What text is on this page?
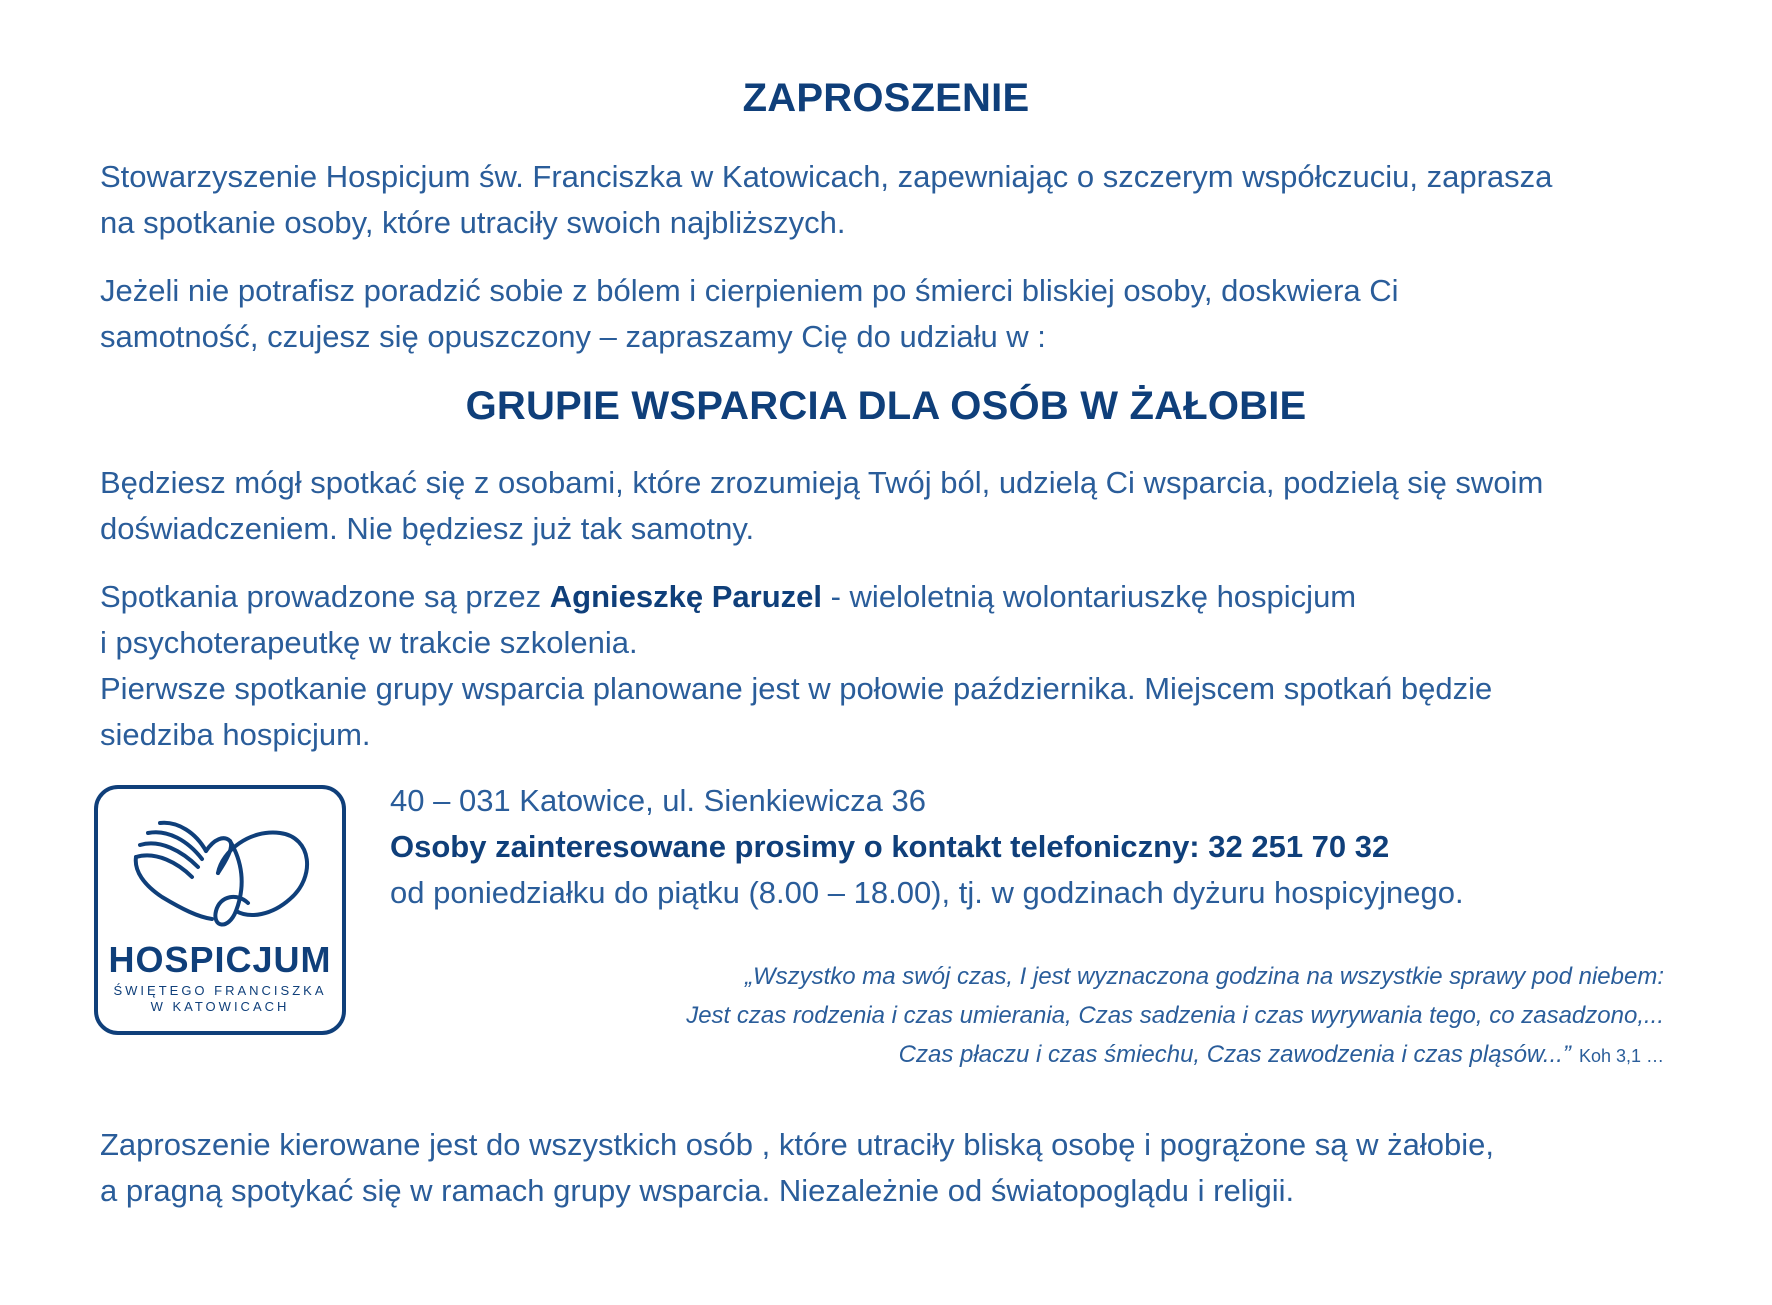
ZAPROSZENIE
Stowarzyszenie Hospicjum św. Franciszka w Katowicach, zapewniając o szczerym współczuciu, zaprasza
na spotkanie osoby, które utraciły swoich najbliższych.
Jeżeli nie potrafisz poradzić sobie z bólem i cierpieniem po śmierci bliskiej osoby, doskwiera Ci
samotność, czujesz się opuszczony – zapraszamy Cię do udziału w :
GRUPIE WSPARCIA DLA OSÓB W ŻAŁOBIE
Będziesz mógł spotkać się z osobami, które zrozumieją Twój ból, udzielą Ci wsparcia, podzielą się swoim
doświadczeniem. Nie będziesz już tak samotny.
Spotkania prowadzone są przez Agnieszkę Paruzel - wieloletnią wolontariuszkę hospicjum
i psychoterapeutkę w trakcie szkolenia.
Pierwsze spotkanie grupy wsparcia planowane jest w połowie października. Miejscem spotkań będzie
siedziba hospicjum.
HOSPICJUM
ŚWIĘTEGO FRANCISZKA
W KATOWICACH
40 – 031 Katowice, ul. Sienkiewicza 36
Osoby zainteresowane prosimy o kontakt telefoniczny: 32 251 70 32
od poniedziałku do piątku (8.00 – 18.00), tj. w godzinach dyżuru hospicyjnego.
„Wszystko ma swój czas, I jest wyznaczona godzina na wszystkie sprawy pod niebem:
Jest czas rodzenia i czas umierania, Czas sadzenia i czas wyrywania tego, co zasadzono,...
Czas płaczu i czas śmiechu, Czas zawodzenia i czas pląsów...” Koh 3,1 …
Zaproszenie kierowane jest do wszystkich osób , które utraciły bliską osobę i pogrążone są w żałobie,
a pragną spotykać się w ramach grupy wsparcia. Niezależnie od światopoglądu i religii.
